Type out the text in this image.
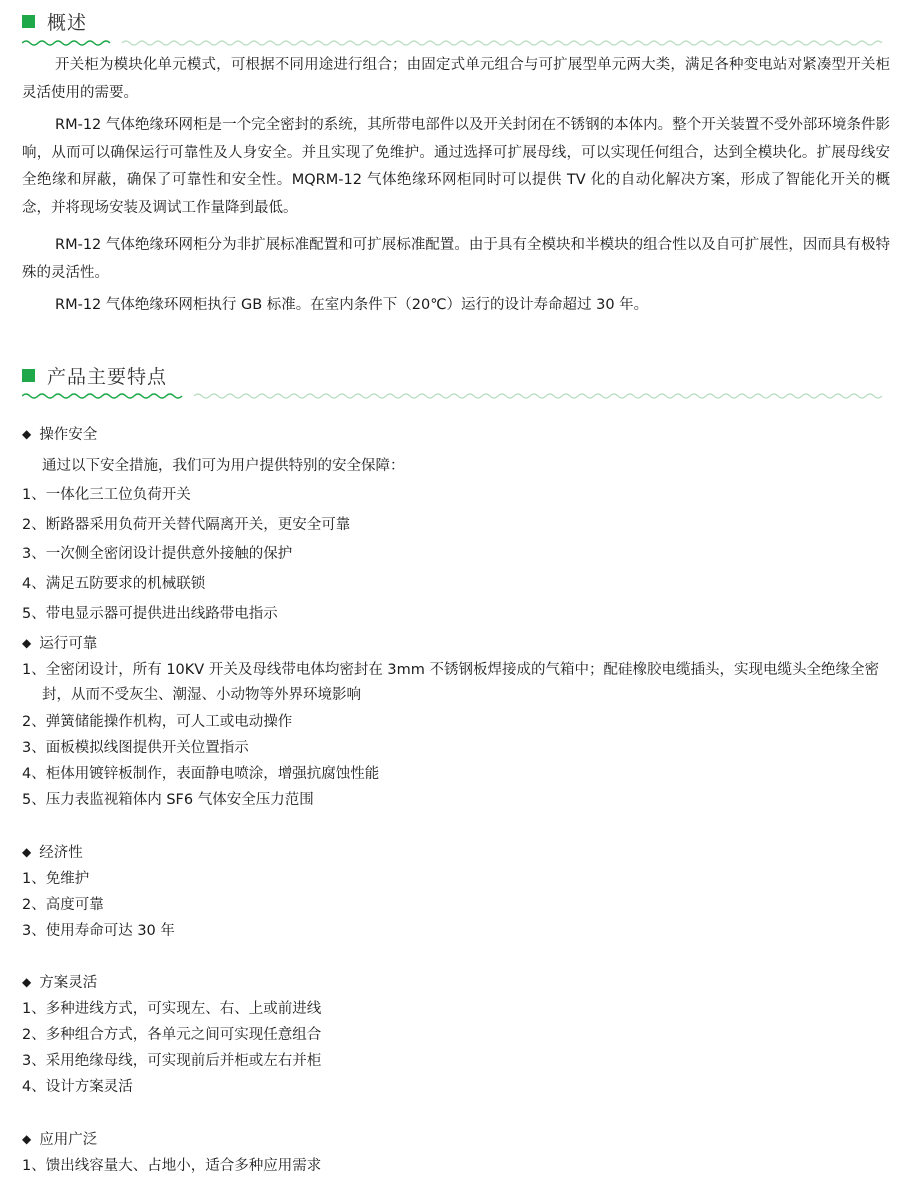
概述

开关柜为模块化单元模式，可根据不同用途进行组合；由固定式单元组合与可扩展型单元两大类，满足各种变电站对紧凑型开关柜灵活使用的需要。

RM-12 气体绝缘环网柜是一个完全密封的系统，其所带电部件以及开关封闭在不锈钢的本体内。整个开关装置不受外部环境条件影响，从而可以确保运行可靠性及人身安全。并且实现了免维护。通过选择可扩展母线，可以实现任何组合，达到全模块化。扩展母线安全绝缘和屏蔽，确保了可靠性和安全性。MQRM-12 气体绝缘环网柜同时可以提供 TV 化的自动化解决方案，形成了智能化开关的概念，并将现场安装及调试工作量降到最低。

RM-12 气体绝缘环网柜分为非扩展标准配置和可扩展标准配置。由于具有全模块和半模块的组合性以及自可扩展性，因而具有极特殊的灵活性。

RM-12 气体绝缘环网柜执行 GB 标准。在室内条件下（20℃）运行的设计寿命超过 30 年。

产品主要特点
◆ 操作安全
通过以下安全措施，我们可为用户提供特别的安全保障：
1、一体化三工位负荷开关
2、断路器采用负荷开关替代隔离开关，更安全可靠
3、一次侧全密闭设计提供意外接触的保护
4、满足五防要求的机械联锁
5、带电显示器可提供进出线路带电指示
◆ 运行可靠
1、全密闭设计，所有 10KV 开关及母线带电体均密封在 3mm 不锈钢板焊接成的气箱中；配硅橡胶电缆插头，实现电缆头全绝缘全密封，从而不受灰尘、潮湿、小动物等外界环境影响
2、弹簧储能操作机构，可人工或电动操作
3、面板模拟线图提供开关位置指示
4、柜体用镀锌板制作，表面静电喷涂，增强抗腐蚀性能
5、压力表监视箱体内 SF6 气体安全压力范围
◆ 经济性
1、免维护
2、高度可靠
3、使用寿命可达 30 年
◆ 方案灵活
1、多种进线方式，可实现左、右、上或前进线
2、多种组合方式，各单元之间可实现任意组合
3、采用绝缘母线，可实现前后并柜或左右并柜
4、设计方案灵活
◆ 应用广泛
1、馈出线容量大、占地小，适合多种应用需求
